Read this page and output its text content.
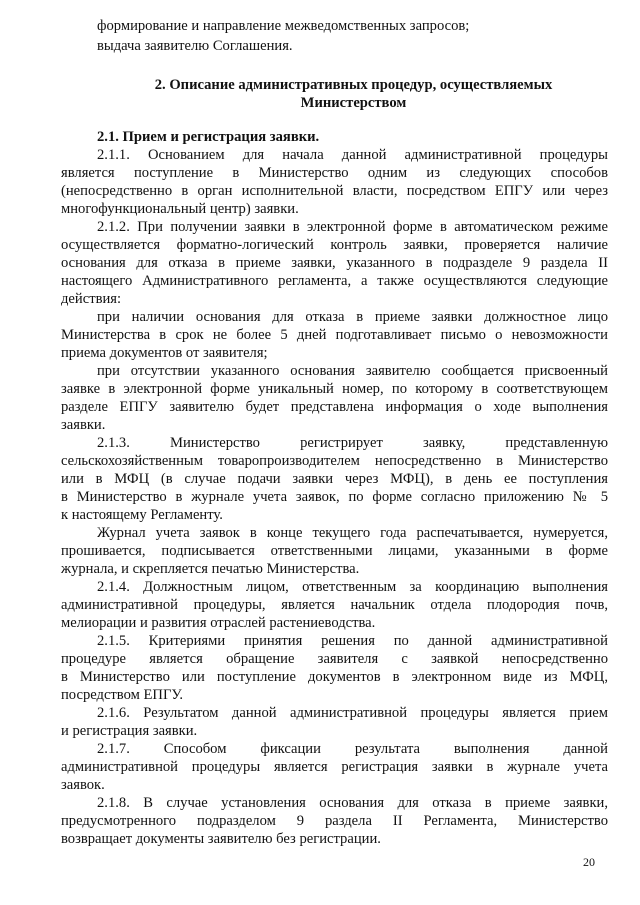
формирование и направление межведомственных запросов;

выдача заявителю Соглашения.

2. Описание административных процедур, осуществляемых

Министерством

2.1. Прием и регистрация заявки.

2.1.1. Основанием для начала данной административной процедуры

является поступление в Министерство одним из следующих способов

(непосредственно в орган исполнительной власти, посредством ЕПГУ или через

многофункциональный центр) заявки.

2.1.2. При получении заявки в электронной форме в автоматическом режиме

осуществляется форматно-логический контроль заявки, проверяется наличие

основания для отказа в приеме заявки, указанного в подразделе 9 раздела II

настоящего Административного регламента, а также осуществляются следующие

действия:

при наличии основания для отказа в приеме заявки должностное лицо

Министерства в срок не более 5 дней подготавливает письмо о невозможности

приема документов от заявителя;

при отсутствии указанного основания заявителю сообщается присвоенный

заявке в электронной форме уникальный номер, по которому в соответствующем

разделе ЕПГУ заявителю будет представлена информация о ходе выполнения

заявки.

2.1.3. Министерство регистрирует заявку, представленную

сельскохозяйственным товаропроизводителем непосредственно в Министерство

или в МФЦ (в случае подачи заявки через МФЦ), в день ее поступления

в Министерство в журнале учета заявок, по форме согласно приложению № 5

к настоящему Регламенту.

Журнал учета заявок в конце текущего года распечатывается, нумеруется,

прошивается, подписывается ответственными лицами, указанными в форме

журнала, и скрепляется печатью Министерства.

2.1.4. Должностным лицом, ответственным за координацию выполнения

административной процедуры, является начальник отдела плодородия почв,

мелиорации и развития отраслей растениеводства.

2.1.5. Критериями принятия решения по данной административной

процедуре является обращение заявителя с заявкой непосредственно

в Министерство или поступление документов в электронном виде из МФЦ,

посредством ЕПГУ.

2.1.6. Результатом данной административной процедуры является прием

и регистрация заявки.

2.1.7. Способом фиксации результата выполнения данной

административной процедуры является регистрация заявки в журнале учета

заявок.

2.1.8. В случае установления основания для отказа в приеме заявки,

предусмотренного подразделом 9 раздела II Регламента, Министерство

возвращает документы заявителю без регистрации.

20
